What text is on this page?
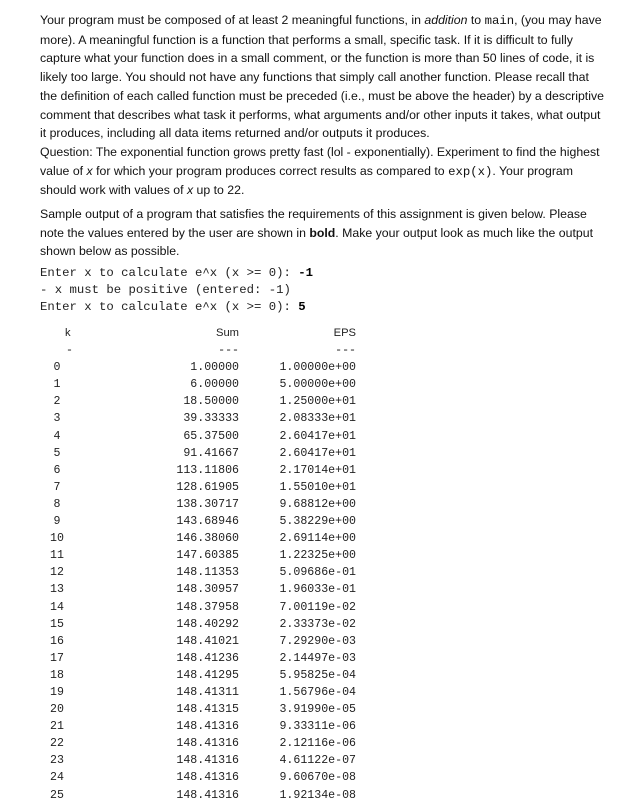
Your program must be composed of at least 2 meaningful functions, in addition to main, (you may have more). A meaningful function is a function that performs a small, specific task. If it is difficult to fully capture what your function does in a small comment, or the function is more than 50 lines of code, it is likely too large. You should not have any functions that simply call another function. Please recall that the definition of each called function must be preceded (i.e., must be above the header) by a descriptive comment that describes what task it performs, what arguments and/or other inputs it takes, what output it produces, including all data items returned and/or outputs it produces.
Question: The exponential function grows pretty fast (lol - exponentially). Experiment to find the highest value of x for which your program produces correct results as compared to exp(x). Your program should work with values of x up to 22.
Sample output of a program that satisfies the requirements of this assignment is given below. Please note the values entered by the user are shown in bold. Make your output look as much like the output shown below as possible.
Enter x to calculate e^x (x >= 0): -1
- x must be positive (entered: -1)
Enter x to calculate e^x (x >= 0): 5
k	Sum	EPS
-	---	---
0	1.00000	1.00000e+00
1	6.00000	5.00000e+00
2	18.50000	1.25000e+01
3	39.33333	2.08333e+01
4	65.37500	2.60417e+01
5	91.41667	2.60417e+01
6	113.11806	2.17014e+01
7	128.61905	1.55010e+01
8	138.30717	9.68812e+00
9	143.68946	5.38229e+00
10	146.38060	2.69114e+00
11	147.60385	1.22325e+00
12	148.11353	5.09686e-01
13	148.30957	1.96033e-01
14	148.37958	7.00119e-02
15	148.40292	2.33373e-02
16	148.41021	7.29290e-03
17	148.41236	2.14497e-03
18	148.41295	5.95825e-04
19	148.41311	1.56796e-04
20	148.41315	3.91990e-05
21	148.41316	9.33311e-06
22	148.41316	2.12116e-06
23	148.41316	4.61122e-07
24	148.41316	9.60670e-08
25	148.41316	1.92134e-08
